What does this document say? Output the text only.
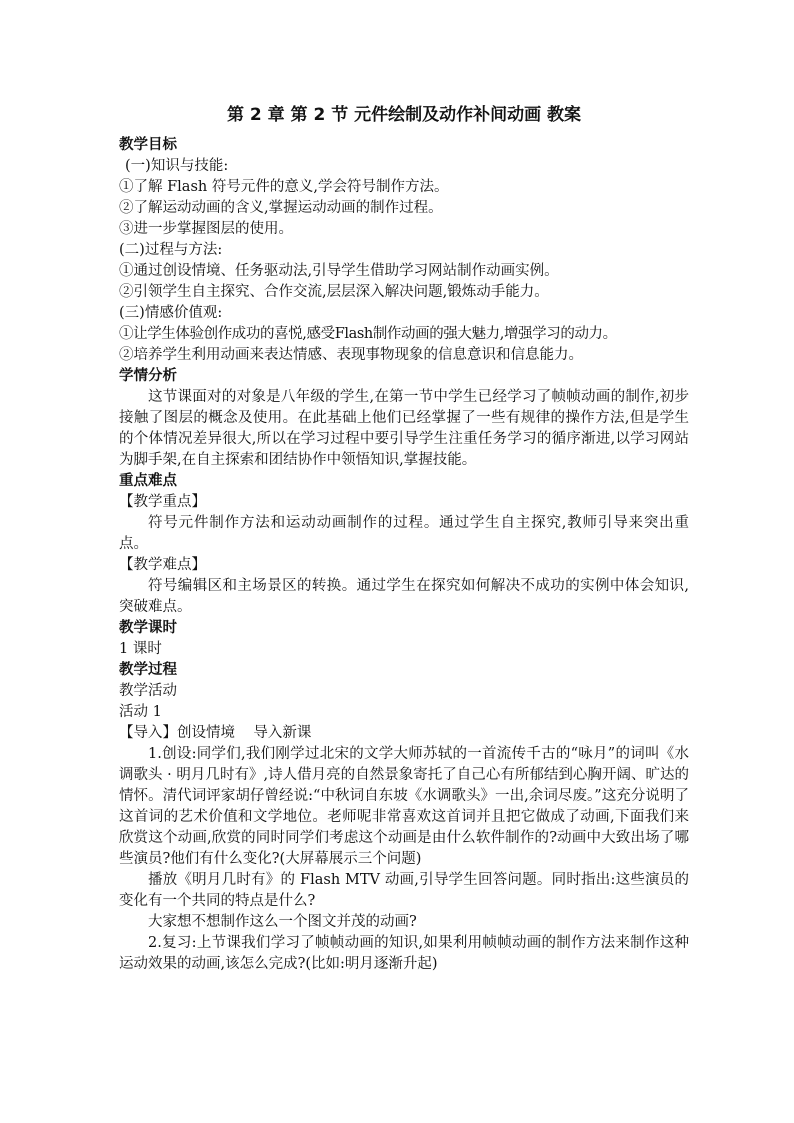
第 2 章 第 2 节 元件绘制及动作补间动画 教案
教学目标
(一)知识与技能:
①了解 Flash 符号元件的意义,学会符号制作方法。
②了解运动动画的含义,掌握运动动画的制作过程。
③进一步掌握图层的使用。
(二)过程与方法:
①通过创设情境、任务驱动法,引导学生借助学习网站制作动画实例。
②引领学生自主探究、合作交流,层层深入解决问题,锻炼动手能力。
(三)情感价值观:
①让学生体验创作成功的喜悦,感受Flash制作动画的强大魅力,增强学习的动力。
②培养学生利用动画来表达情感、表现事物现象的信息意识和信息能力。
学情分析

这节课面对的对象是八年级的学生,在第一节中学生已经学习了帧帧动画的制作,初步接触了图层的概念及使用。在此基础上他们已经掌握了一些有规律的操作方法,但是学生的个体情况差异很大,所以在学习过程中要引导学生注重任务学习的循序渐进,以学习网站为脚手架,在自主探索和团结协作中领悟知识,掌握技能。

重点难点
【教学重点】

符号元件制作方法和运动动画制作的过程。通过学生自主探究,教师引导来突出重点。

【教学难点】

符号编辑区和主场景区的转换。通过学生在探究如何解决不成功的实例中体会知识,突破难点。

教学课时
1 课时
教学过程
教学活动
活动 1
【导入】创设情境    导入新课

1.创设:同学们,我们刚学过北宋的文学大师苏轼的一首流传千古的“咏月”的词叫《水调歌头 · 明月几时有》,诗人借月亮的自然景象寄托了自己心有所郁结到心胸开阔、旷达的情怀。清代词评家胡仔曾经说:“中秋词自东坡《水调歌头》一出,余词尽废。”这充分说明了这首词的艺术价值和文学地位。老师呢非常喜欢这首词并且把它做成了动画,下面我们来欣赏这个动画,欣赏的同时同学们考虑这个动画是由什么软件制作的?动画中大致出场了哪些演员?他们有什么变化?(大屏幕展示三个问题)

播放《明月几时有》的 Flash MTV 动画,引导学生回答问题。同时指出:这些演员的变化有一个共同的特点是什么?

大家想不想制作这么一个图文并茂的动画?

2.复习:上节课我们学习了帧帧动画的知识,如果利用帧帧动画的制作方法来制作这种运动效果的动画,该怎么完成?(比如:明月逐渐升起)
